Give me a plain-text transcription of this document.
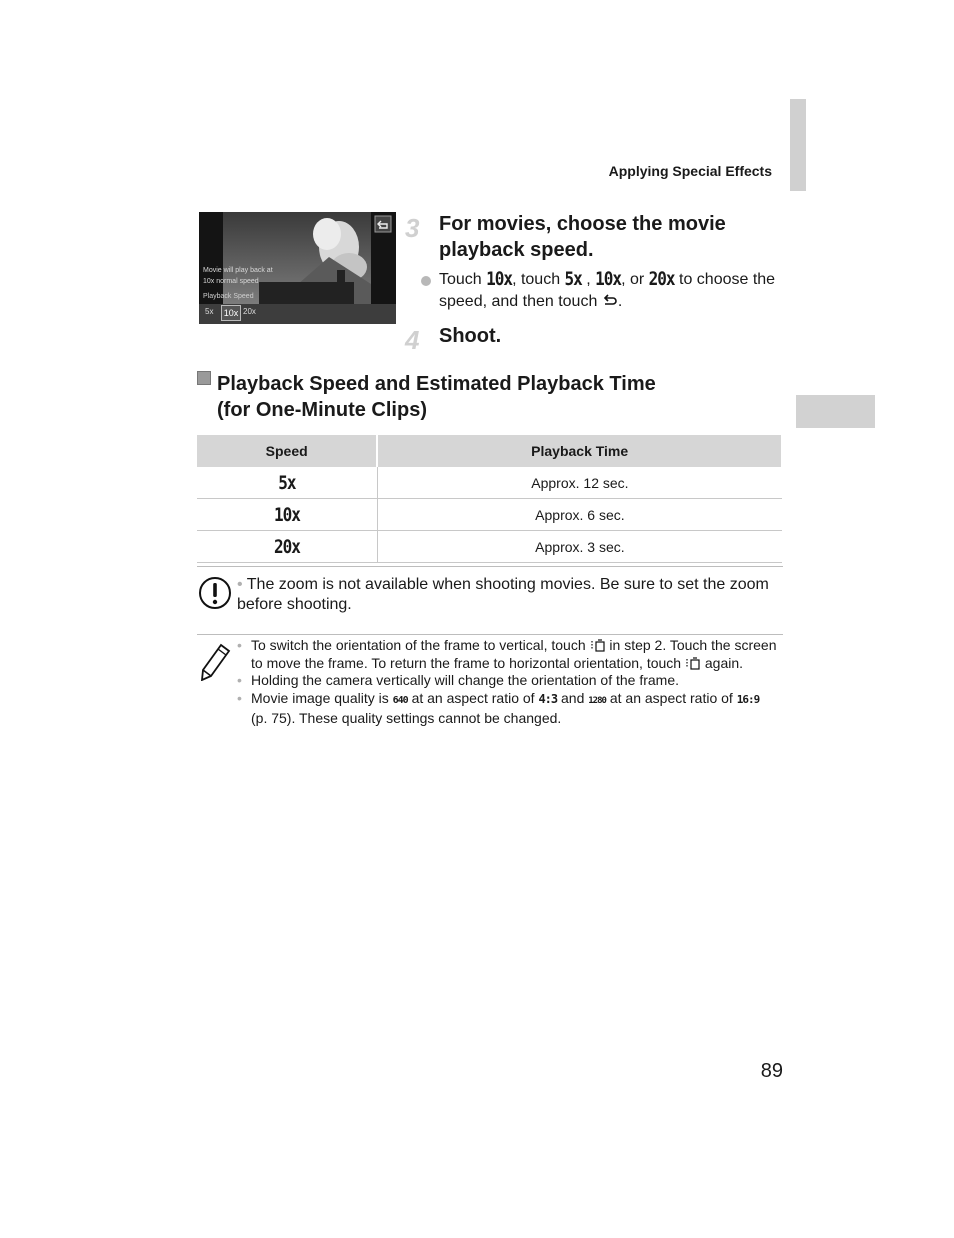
Applying Special Effects
Movie will play back at
10x normal speed
Playback Speed
5x	10x 20x
3 For movies, choose the movie playback speed.
Touch 10x, touch 5x , 10x, or 20x to choose the speed, and then touch .
4 Shoot.
Playback Speed and Estimated Playback Time
(for One-Minute Clips)
Speed	Playback Time
5x	Approx. 12 sec.
10x	Approx. 6 sec.
20x	Approx. 3 sec.
• The zoom is not available when shooting movies. Be sure to set the zoom before shooting.
• To switch the orientation of the frame to vertical, touch in step 2. Touch the screen to move the frame. To return the frame to horizontal orientation, touch again.
• Holding the camera vertically will change the orientation of the frame.
• Movie image quality is 640 at an aspect ratio of 4:3 and 1280 at an aspect ratio of 16:9 (p. 75). These quality settings cannot be changed.
89
